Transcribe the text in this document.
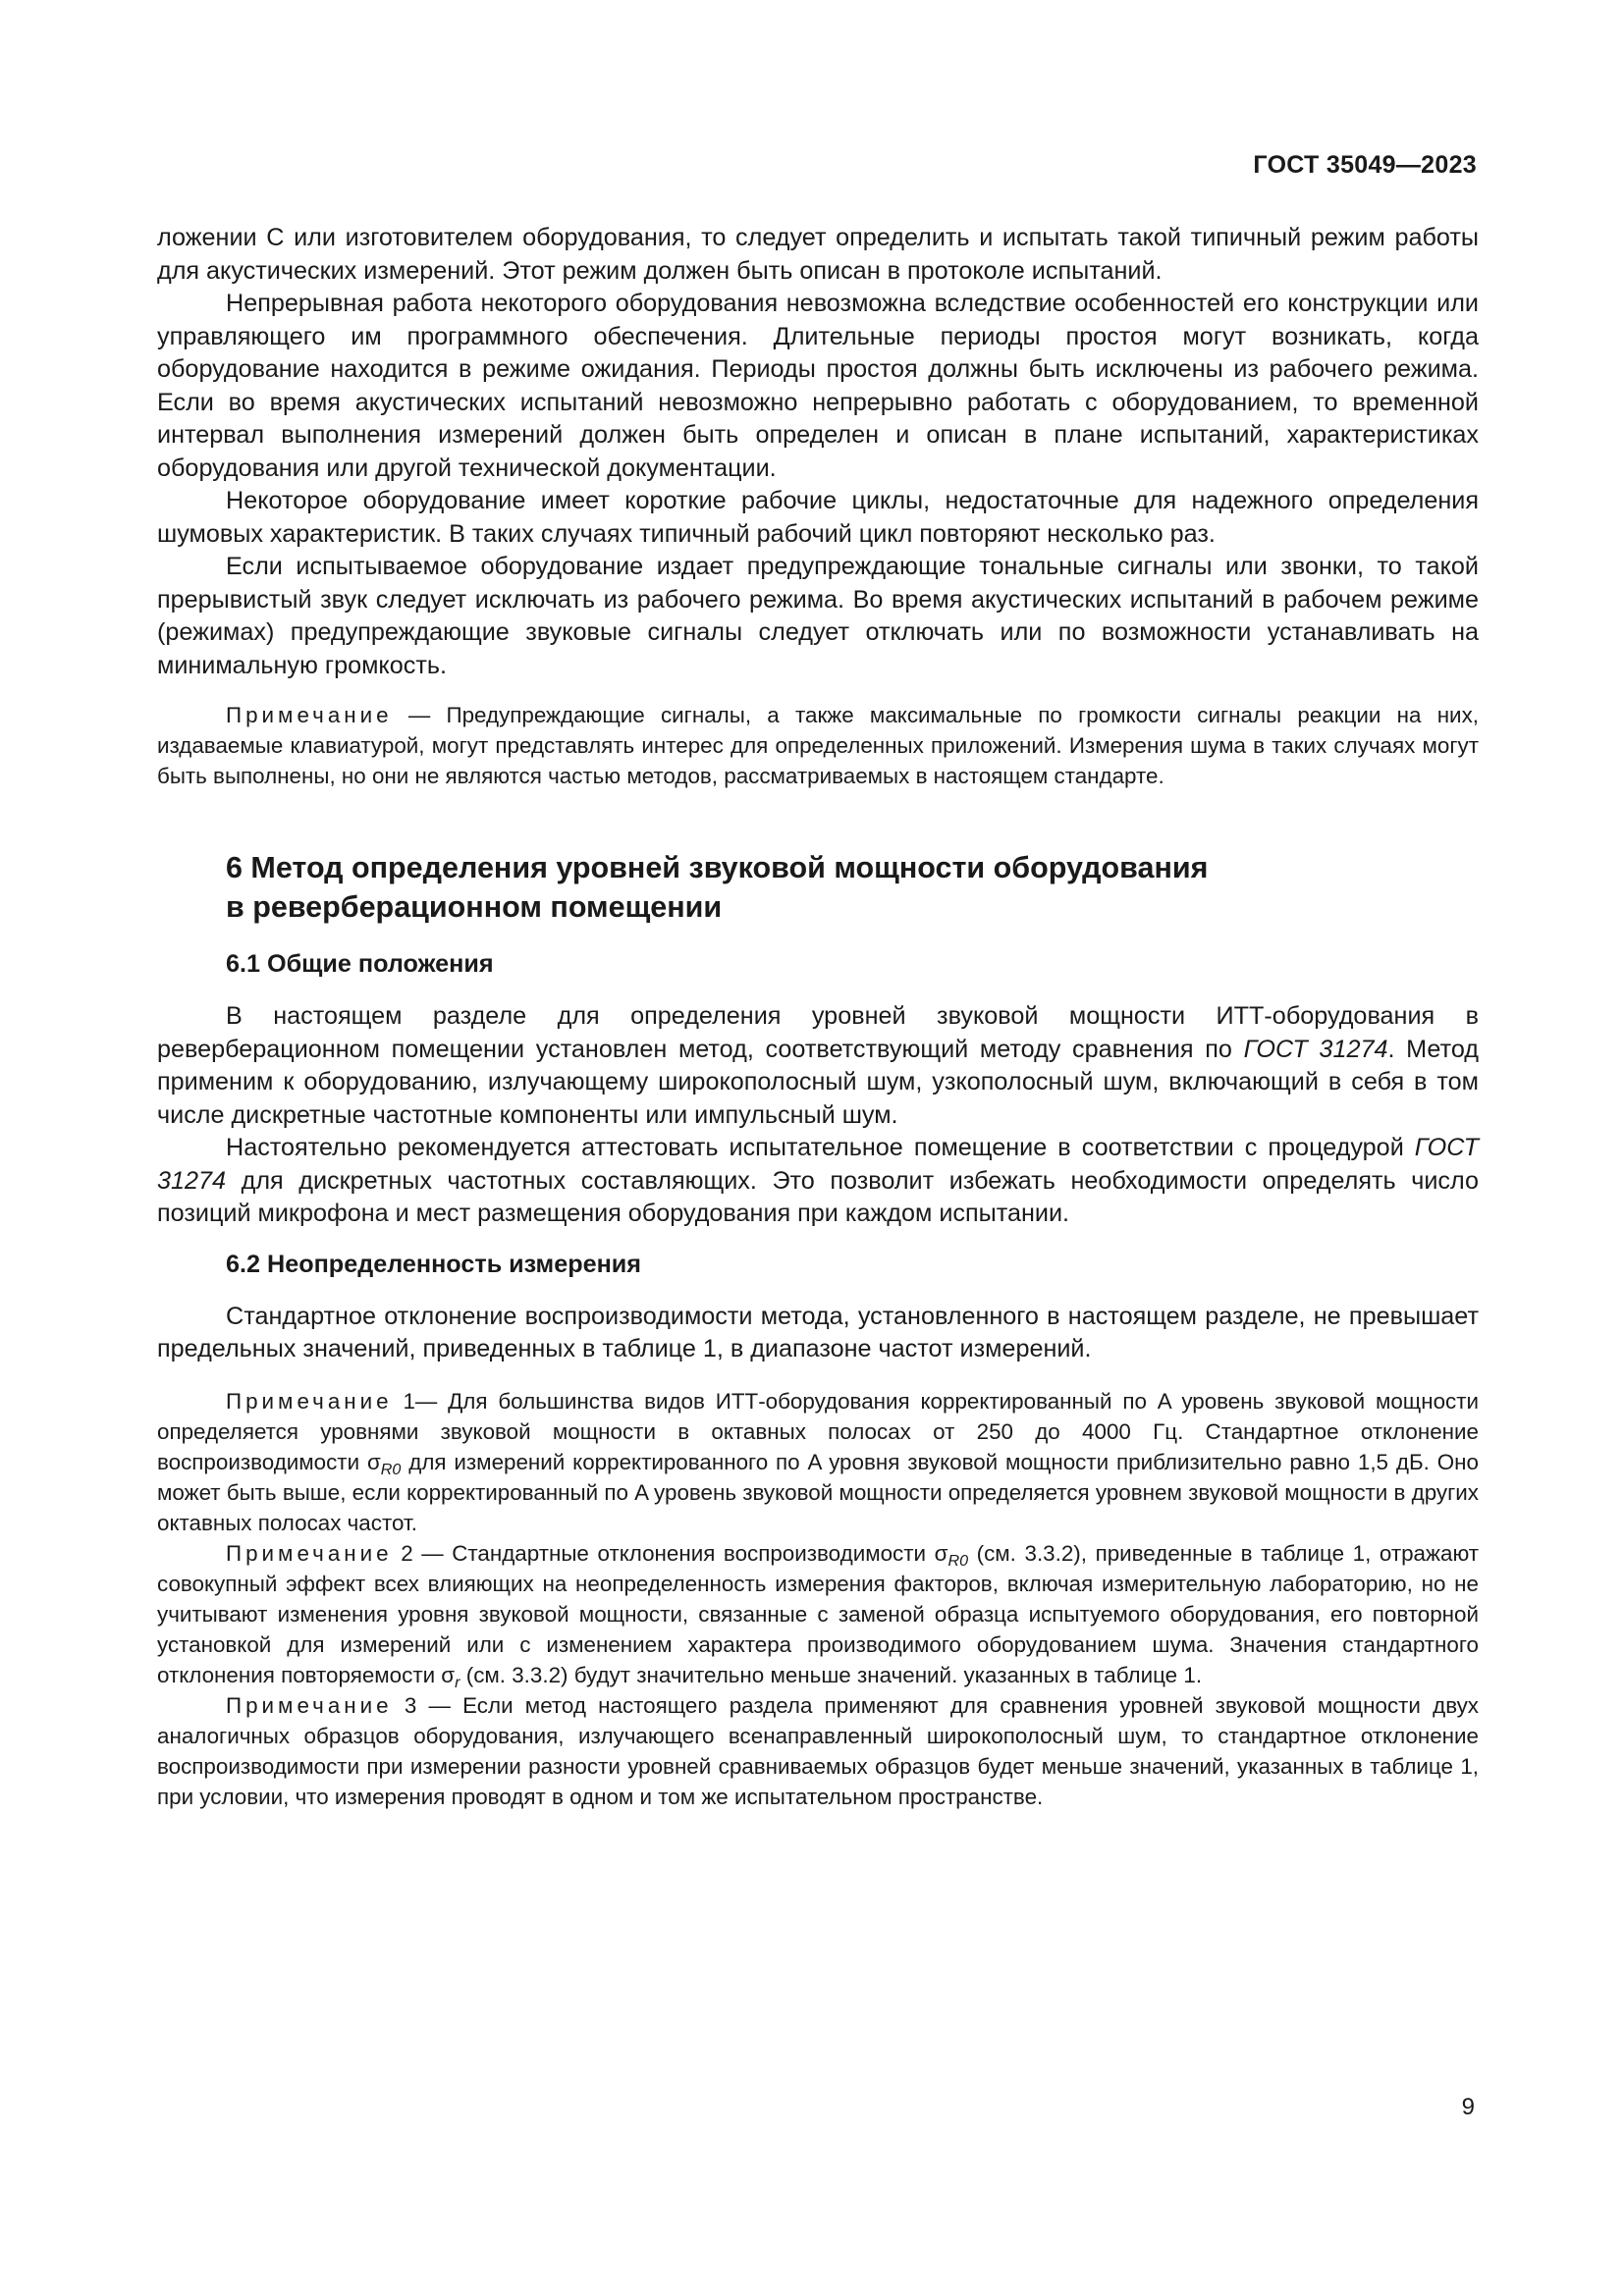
ГОСТ 35049—2023

ложении С или изготовителем оборудования, то следует определить и испытать такой типичный режим работы для акустических измерений. Этот режим должен быть описан в протоколе испытаний.

Непрерывная работа некоторого оборудования невозможна вследствие особенностей его конструкции или управляющего им программного обеспечения. Длительные периоды простоя могут возникать, когда оборудование находится в режиме ожидания. Периоды простоя должны быть исключены из рабочего режима. Если во время акустических испытаний невозможно непрерывно работать с оборудованием, то временной интервал выполнения измерений должен быть определен и описан в плане испытаний, характеристиках оборудования или другой технической документации.

Некоторое оборудование имеет короткие рабочие циклы, недостаточные для надежного определения шумовых характеристик. В таких случаях типичный рабочий цикл повторяют несколько раз.

Если испытываемое оборудование издает предупреждающие тональные сигналы или звонки, то такой прерывистый звук следует исключать из рабочего режима. Во время акустических испытаний в рабочем режиме (режимах) предупреждающие звуковые сигналы следует отключать или по возможности устанавливать на минимальную громкость.

Примечание — Предупреждающие сигналы, а также максимальные по громкости сигналы реакции на них, издаваемые клавиатурой, могут представлять интерес для определенных приложений. Измерения шума в таких случаях могут быть выполнены, но они не являются частью методов, рассматриваемых в настоящем стандарте.

6 Метод определения уровней звуковой мощности оборудования
в реверберационном помещении
6.1 Общие положения

В настоящем разделе для определения уровней звуковой мощности ИТТ-оборудования в реверберационном помещении установлен метод, соответствующий методу сравнения по ГОСТ 31274. Метод применим к оборудованию, излучающему широкополосный шум, узкополосный шум, включающий в себя в том числе дискретные частотные компоненты или импульсный шум.

Настоятельно рекомендуется аттестовать испытательное помещение в соответствии с процедурой ГОСТ 31274 для дискретных частотных составляющих. Это позволит избежать необходимости определять число позиций микрофона и мест размещения оборудования при каждом испытании.

6.2 Неопределенность измерения

Стандартное отклонение воспроизводимости метода, установленного в настоящем разделе, не превышает предельных значений, приведенных в таблице 1, в диапазоне частот измерений.

Примечание 1— Для большинства видов ИТТ-оборудования корректированный по A уровень звуковой мощности определяется уровнями звуковой мощности в октавных полосах от 250 до 4000 Гц. Стандартное отклонение воспроизводимости $\sigma_{R0}$ для измерений корректированного по A уровня звуковой мощности приблизительно равно 1,5 дБ. Оно может быть выше, если корректированный по A уровень звуковой мощности определяется уровнем звуковой мощности в других октавных полосах частот.

Примечание 2 — Стандартные отклонения воспроизводимости $\sigma_{R0}$ (см. 3.3.2), приведенные в таблице 1, отражают совокупный эффект всех влияющих на неопределенность измерения факторов, включая измерительную лабораторию, но не учитывают изменения уровня звуковой мощности, связанные с заменой образца испытуемого оборудования, его повторной установкой для измерений или с изменением характера производимого оборудованием шума. Значения стандартного отклонения повторяемости $\sigma_r$ (см. 3.3.2) будут значительно меньше значений. указанных в таблице 1.

Примечание 3 — Если метод настоящего раздела применяют для сравнения уровней звуковой мощности двух аналогичных образцов оборудования, излучающего всенаправленный широкополосный шум, то стандартное отклонение воспроизводимости при измерении разности уровней сравниваемых образцов будет меньше значений, указанных в таблице 1, при условии, что измерения проводят в одном и том же испытательном пространстве.

9
